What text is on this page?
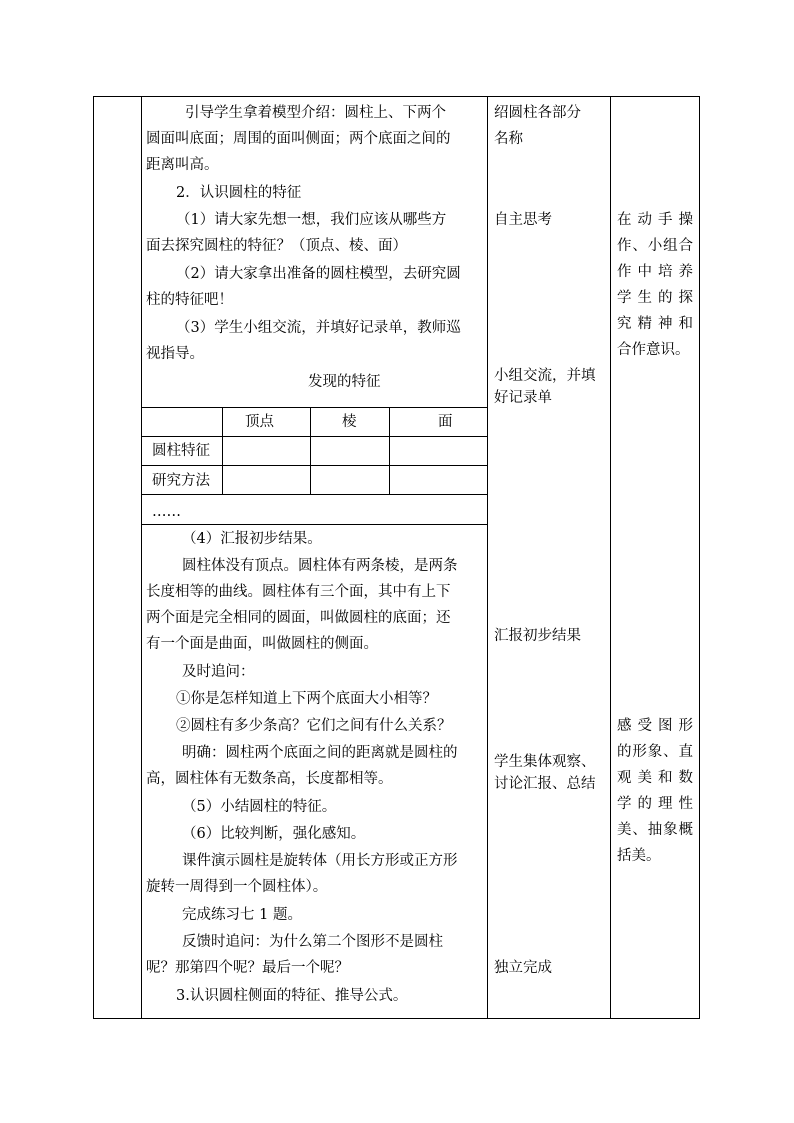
引导学生拿着模型介绍：圆柱上、下两个
圆面叫底面；周围的面叫侧面；两个底面之间的
距离叫高。
2．认识圆柱的特征
（1）请大家先想一想，我们应该从哪些方
面去探究圆柱的特征？（顶点、棱、面）
（2）请大家拿出准备的圆柱模型，去研究圆
柱的特征吧！
（3）学生小组交流，并填好记录单，教师巡
视指导。
发现的特征
顶点	棱	面
圆柱特征
研究方法
……
（4）汇报初步结果。
圆柱体没有顶点。圆柱体有两条棱，是两条
长度相等的曲线。圆柱体有三个面，其中有上下
两个面是完全相同的圆面，叫做圆柱的底面；还
有一个面是曲面，叫做圆柱的侧面。
及时追问：
①你是怎样知道上下两个底面大小相等？
②圆柱有多少条高？它们之间有什么关系？
明确：圆柱两个底面之间的距离就是圆柱的
高，圆柱体有无数条高，长度都相等。
（5）小结圆柱的特征。
（6）比较判断，强化感知。
课件演示圆柱是旋转体（用长方形或正方形
旋转一周得到一个圆柱体）。
完成练习七 1 题。
反馈时追问：为什么第二个图形不是圆柱
呢？那第四个呢？最后一个呢？
3.认识圆柱侧面的特征、推导公式。
绍圆柱各部分
名称
自主思考
小组交流，并填
好记录单
汇报初步结果
学生集体观察、
讨论汇报、总结
独立完成
在动手操
作、小组合
作中培养
学生的探
究精神和
合作意识。
感受图形
的形象、直
观美和数
学的理性
美、抽象概
括美。
